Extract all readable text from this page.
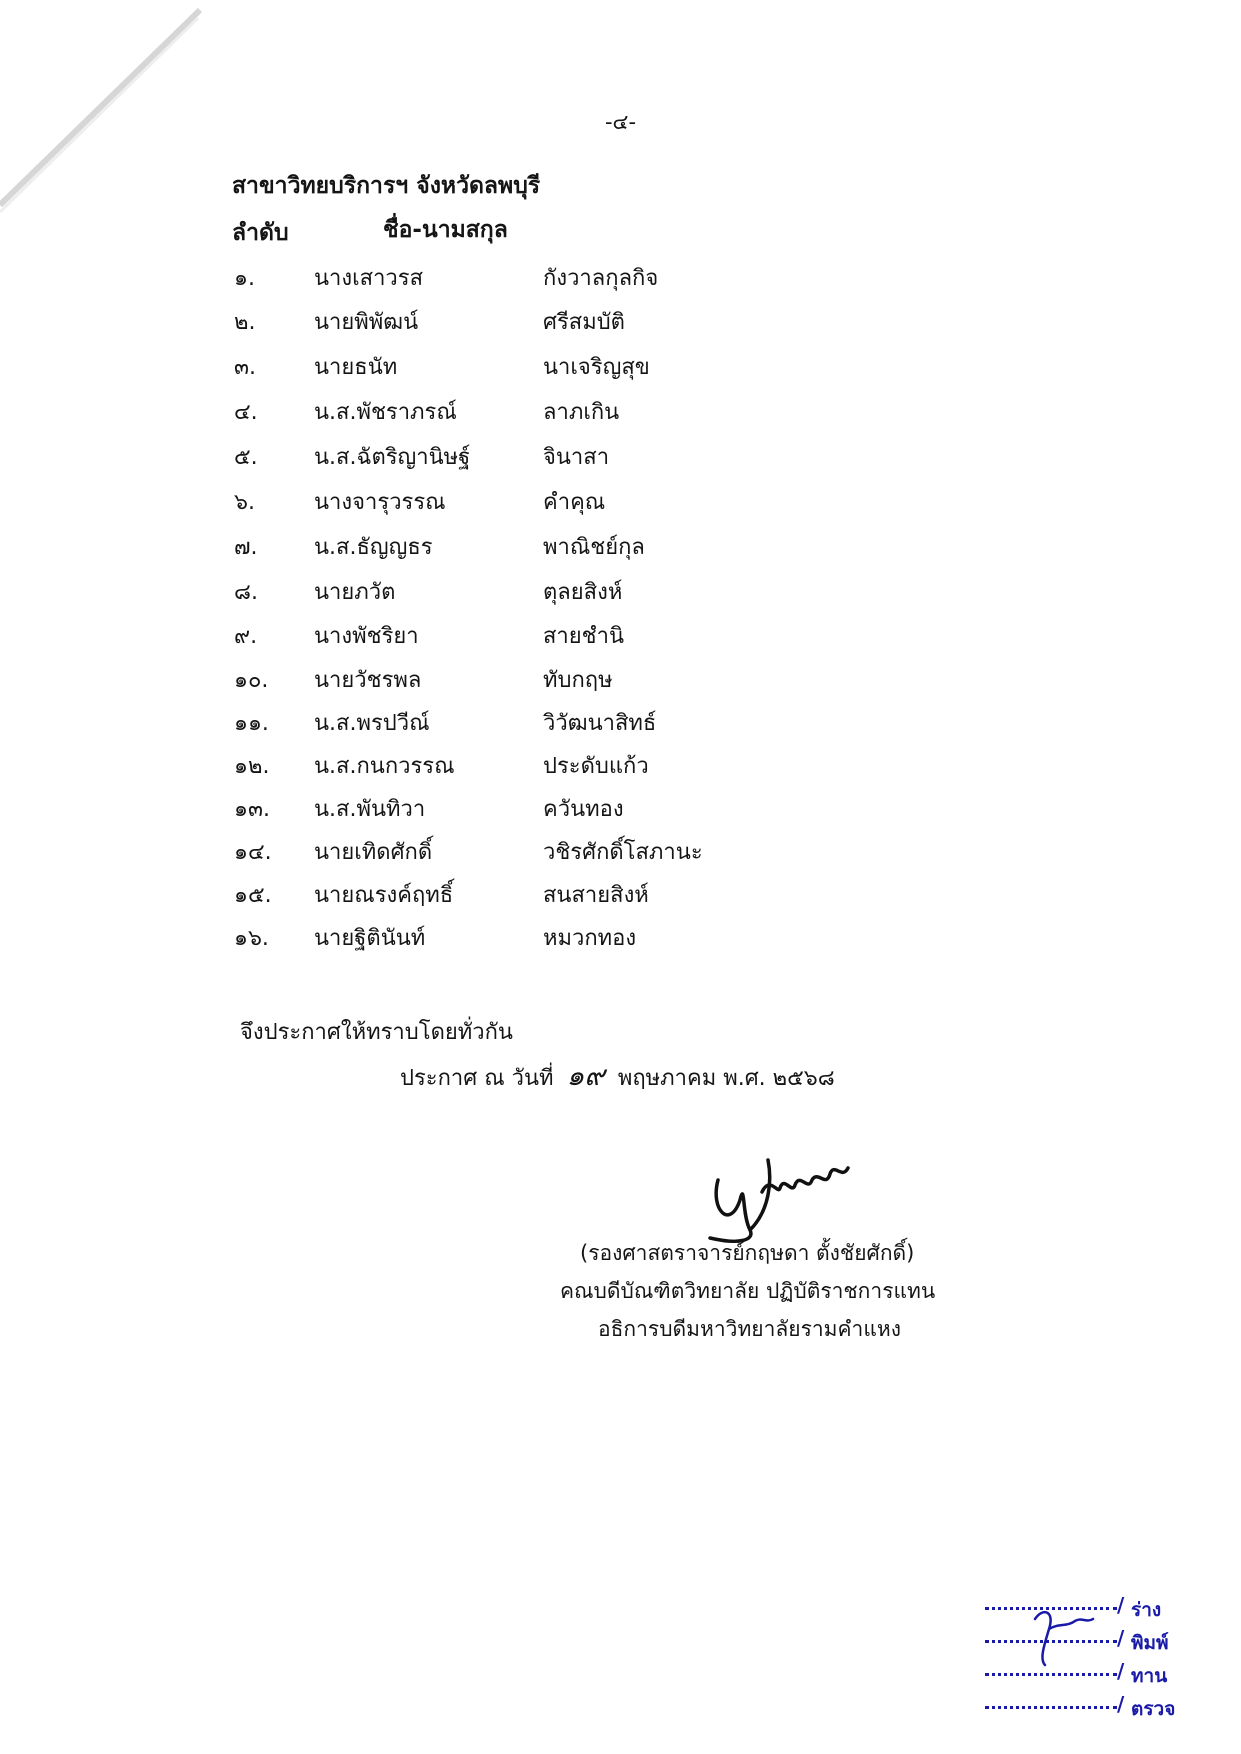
-๔-
สาขาวิทยบริการฯ จังหวัดลพบุรี
ลำดับ	ชื่อ-นามสกุล
๑.	นางเสาวรส	กังวาลกุลกิจ
๒.	นายพิพัฒน์	ศรีสมบัติ
๓.	นายธนัท	นาเจริญสุข
๔.	น.ส.พัชราภรณ์	ลาภเกิน
๕.	น.ส.ฉัตริญานิษฐ์	จินาสา
๖.	นางจารุวรรณ	คำคุณ
๗.	น.ส.ธัญญธร	พาณิชย์กุล
๘.	นายภวัต	ตุลยสิงห์
๙.	นางพัชริยา	สายชำนิ
๑๐. นายวัชรพล	ทับกฤษ
๑๑. น.ส.พรปวีณ์	วิวัฒนาสิทธ์
๑๒. น.ส.กนกวรรณ	ประดับแก้ว
๑๓. น.ส.พันทิวา	ควันทอง
๑๔. นายเทิดศักดิ์	วชิรศักดิ์โสภานะ
๑๕. นายณรงค์ฤทธิ์	สนสายสิงห์
๑๖. นายฐิตินันท์	หมวกทอง
จึงประกาศให้ทราบโดยทั่วกัน
ประกาศ ณ วันที่ ๑๙ พฤษภาคม พ.ศ. ๒๕๖๘
(รองศาสตราจารย์กฤษดา ตั้งชัยศักดิ์)
คณบดีบัณฑิตวิทยาลัย ปฏิบัติราชการแทน
อธิการบดีมหาวิทยาลัยรามคำแหง
/ ร่าง
/ พิมพ์
/ ทาน
/ ตรวจ
